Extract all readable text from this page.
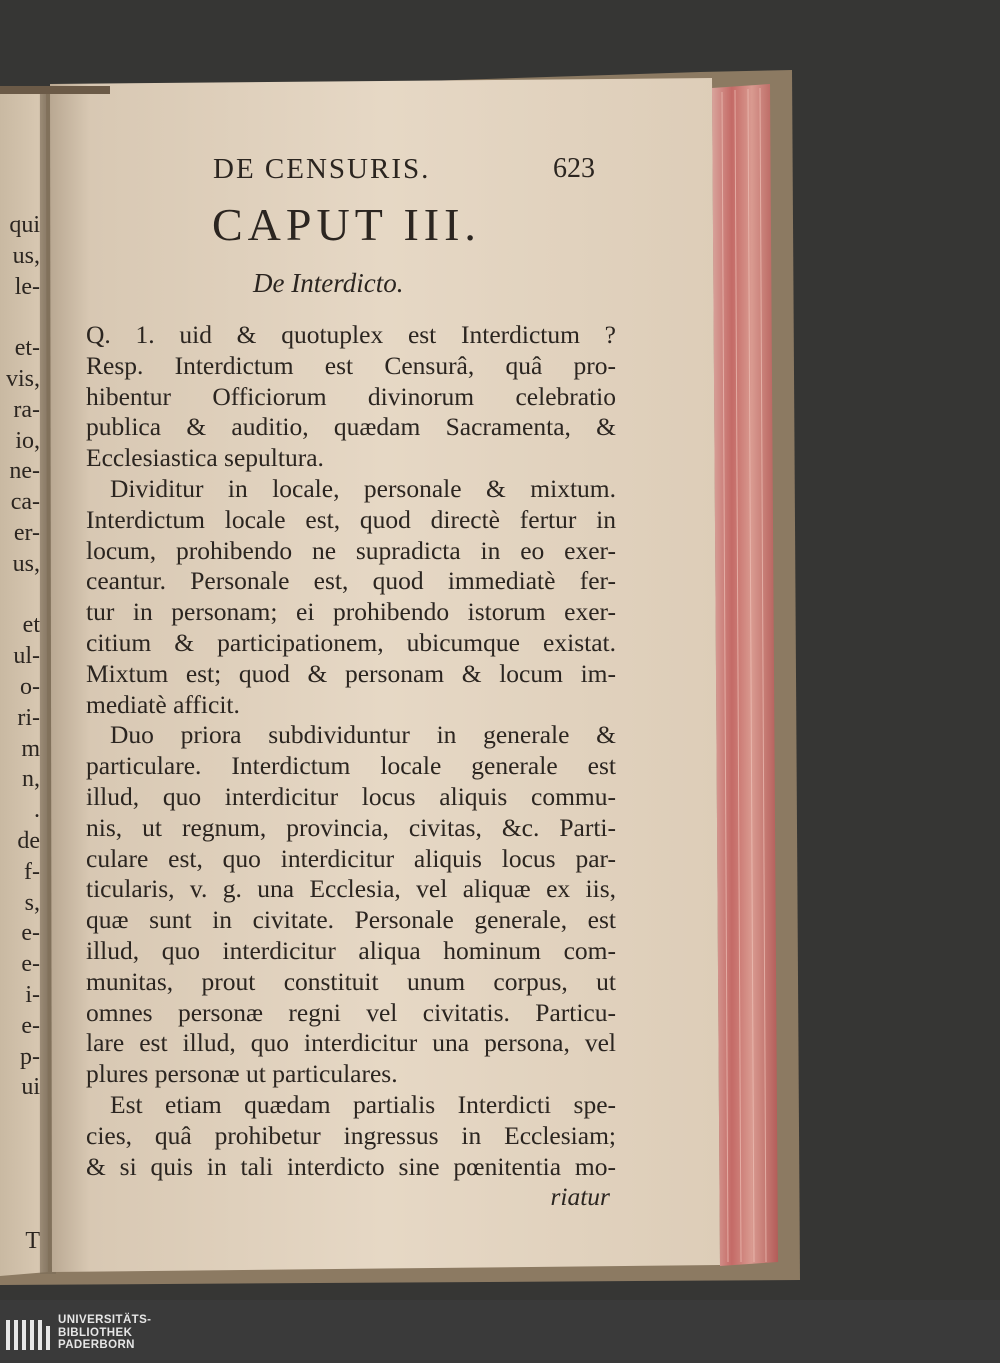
DE CENSURIS.	623
CAPUT III.
De Interdicto.
Q. 1. uid & quotuplex est Interdictum ?
Resp. Interdictum est Censurâ, quâ pro-
hibentur Officiorum divinorum celebratio
publica & auditio, quædam Sacramenta, &
Ecclesiastica sepultura.
Dividitur in locale, personale & mixtum.
Interdictum locale est, quod directè fertur in
locum, prohibendo ne supradicta in eo exer-
ceantur. Personale est, quod immediatè fer-
tur in personam; ei prohibendo istorum exer-
citium & participationem, ubicumque existat.
Mixtum est; quod & personam & locum im-
mediatè afficit.
Duo priora subdividuntur in generale &
particulare. Interdictum locale generale est
illud, quo interdicitur locus aliquis commu-
nis, ut regnum, provincia, civitas, &c. Parti-
culare est, quo interdicitur aliquis locus par-
ticularis, v. g. una Ecclesia, vel aliquæ ex iis,
quæ sunt in civitate. Personale generale, est
illud, quo interdicitur aliqua hominum com-
munitas, prout constituit unum corpus, ut
omnes personæ regni vel civitatis. Particu-
lare est illud, quo interdicitur una persona, vel
plures personæ ut particulares.
Est etiam quædam partialis Interdicti spe-
cies, quâ prohibetur ingressus in Ecclesiam;
& si quis in tali interdicto sine pœnitentia mo-
riatur
qui
us,
le-
et-
vis,
ra-
io,
ne-
ca-
er-
us,
et
ul-
o-
ri-
m
n,
.
de
f-
s,
e-
e-
i-
e-
p-
ui
T
UNIVERSITÄTS-
BIBLIOTHEK
PADERBORN
